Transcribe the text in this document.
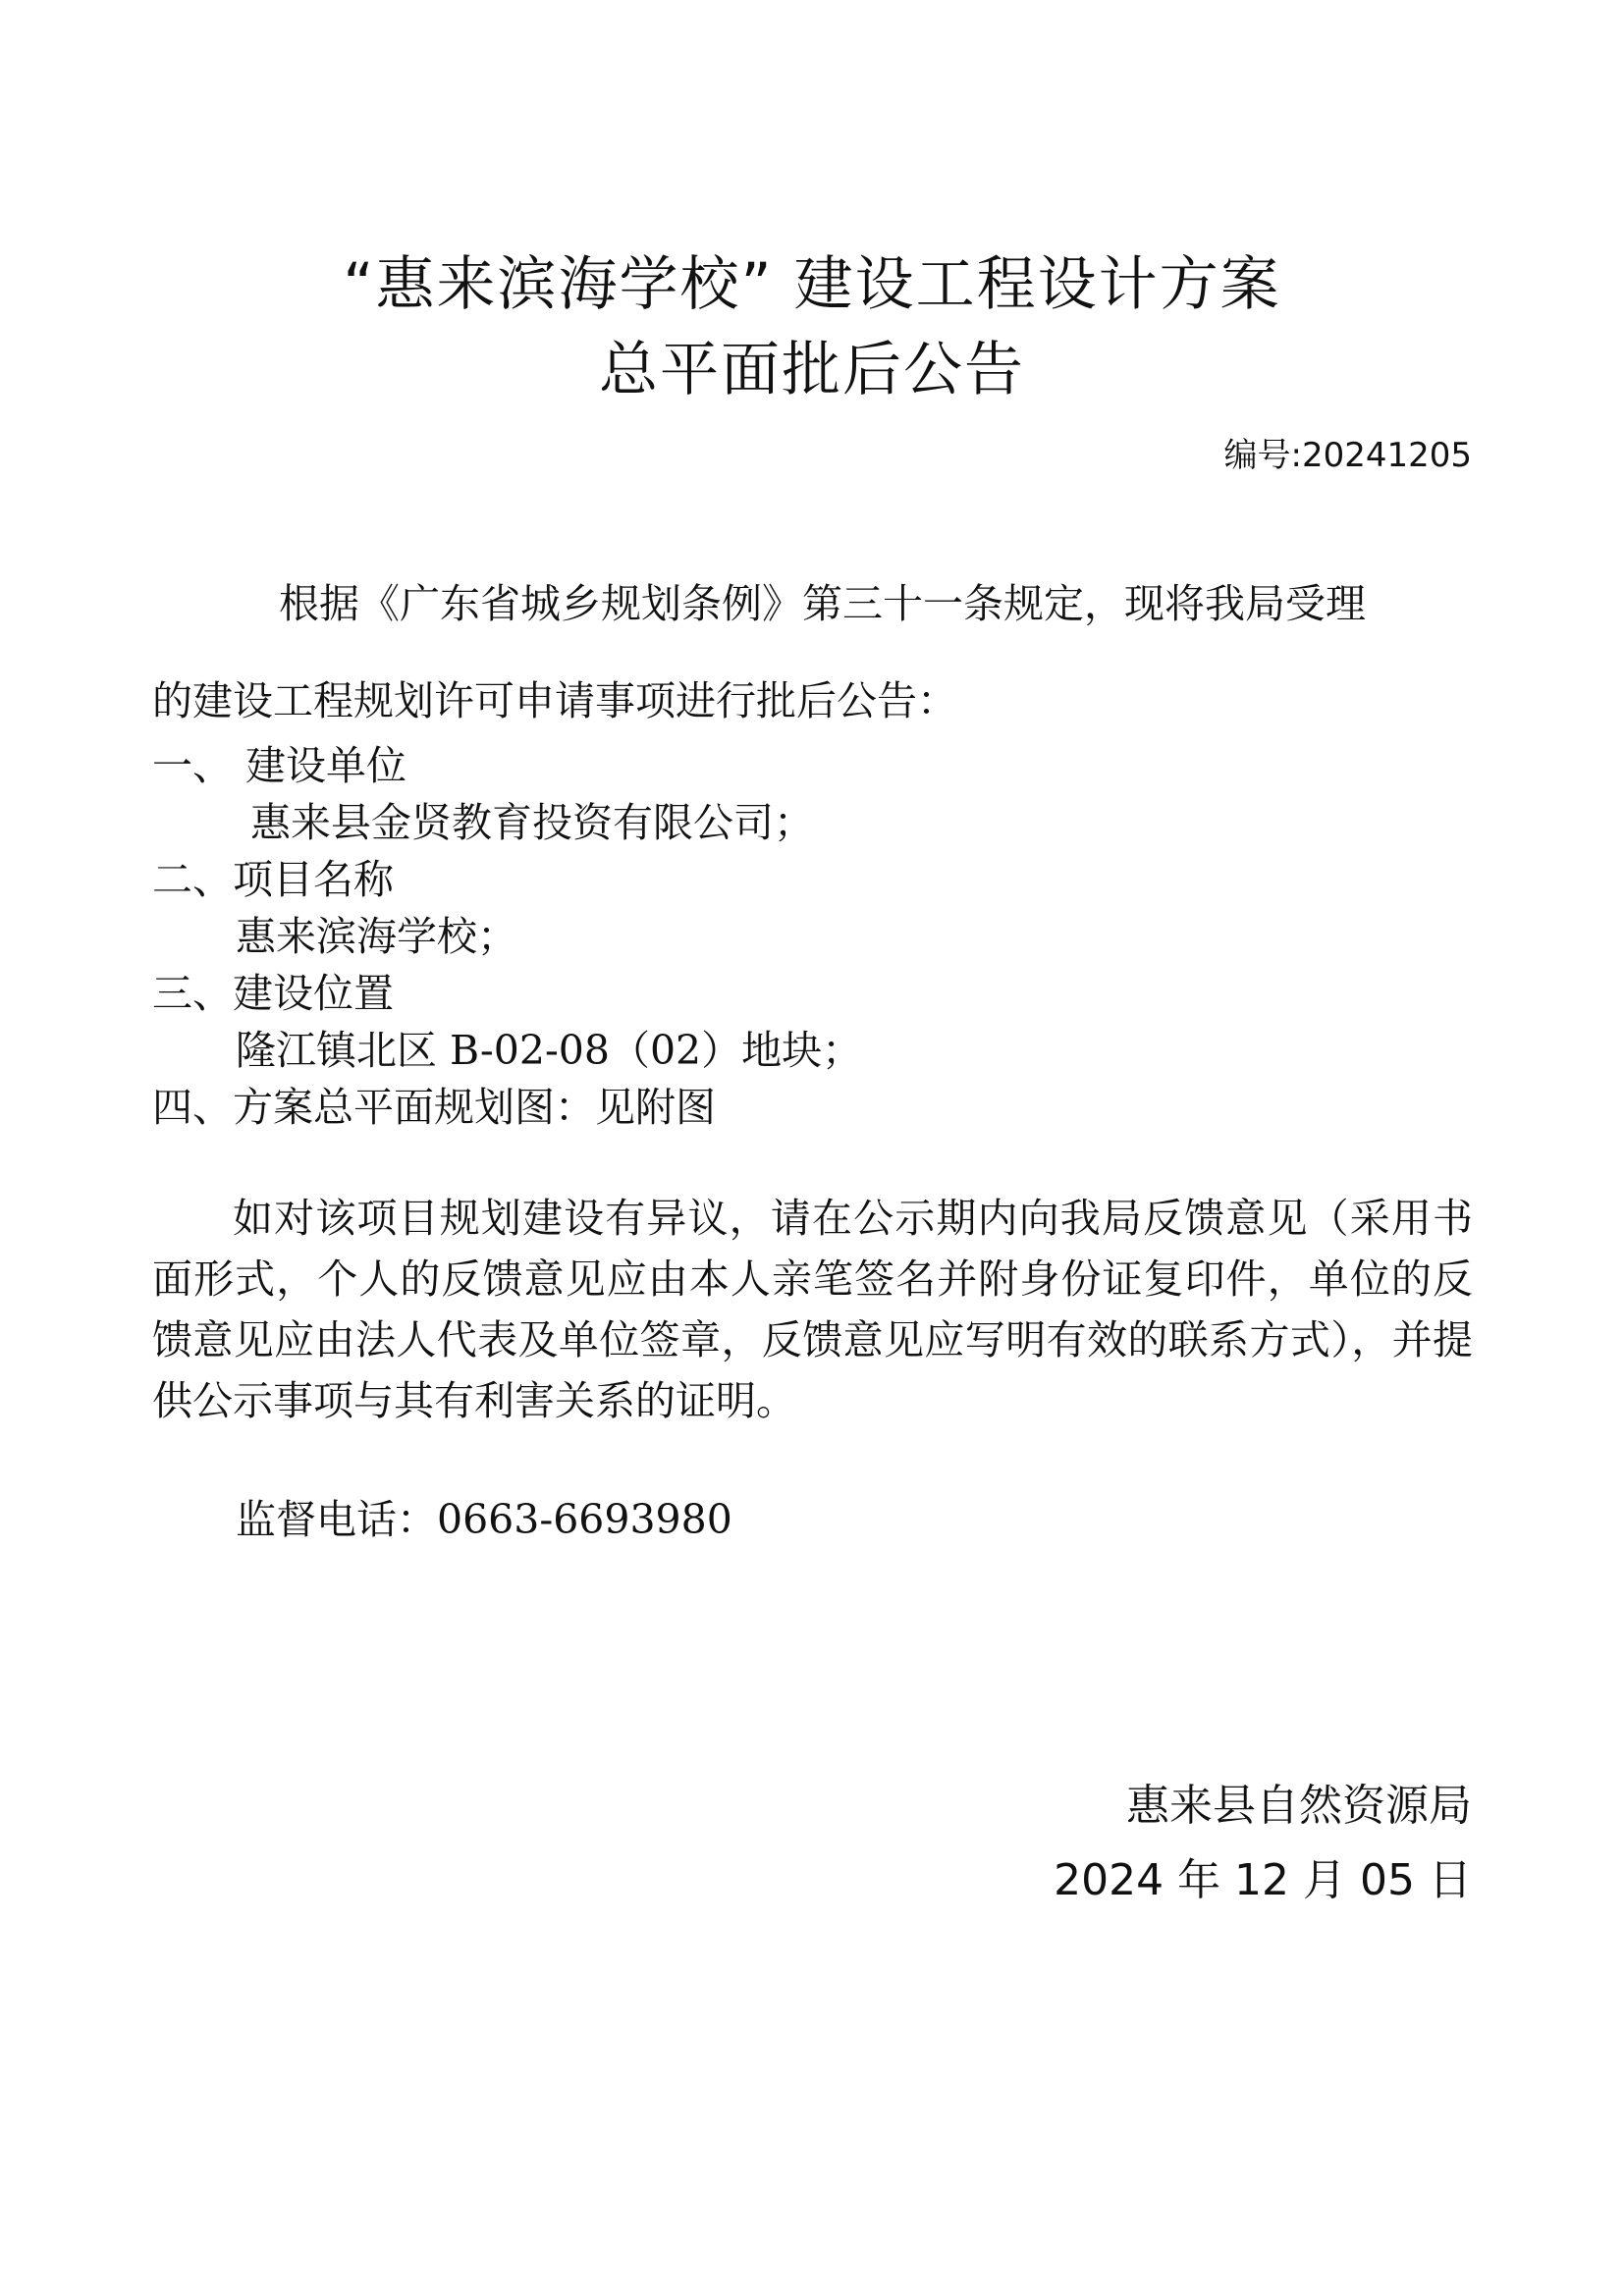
“惠来滨海学校” 建设工程设计方案
总平面批后公告
编号:20241205
根据《广东省城乡规划条例》第三十一条规定，现将我局受理
的建设工程规划许可申请事项进行批后公告：
一、 建设单位
惠来县金贤教育投资有限公司；
二、项目名称
惠来滨海学校；
三、建设位置
隆江镇北区 B-02-08（02）地块；
四、方案总平面规划图：见附图
如对该项目规划建设有异议，请在公示期内向我局反馈意见（采用书面形式，个人的反馈意见应由本人亲笔签名并附身份证复印件，单位的反馈意见应由法人代表及单位签章，反馈意见应写明有效的联系方式），并提供公示事项与其有利害关系的证明。
监督电话：0663-6693980
惠来县自然资源局
2024 年 12 月 05 日
